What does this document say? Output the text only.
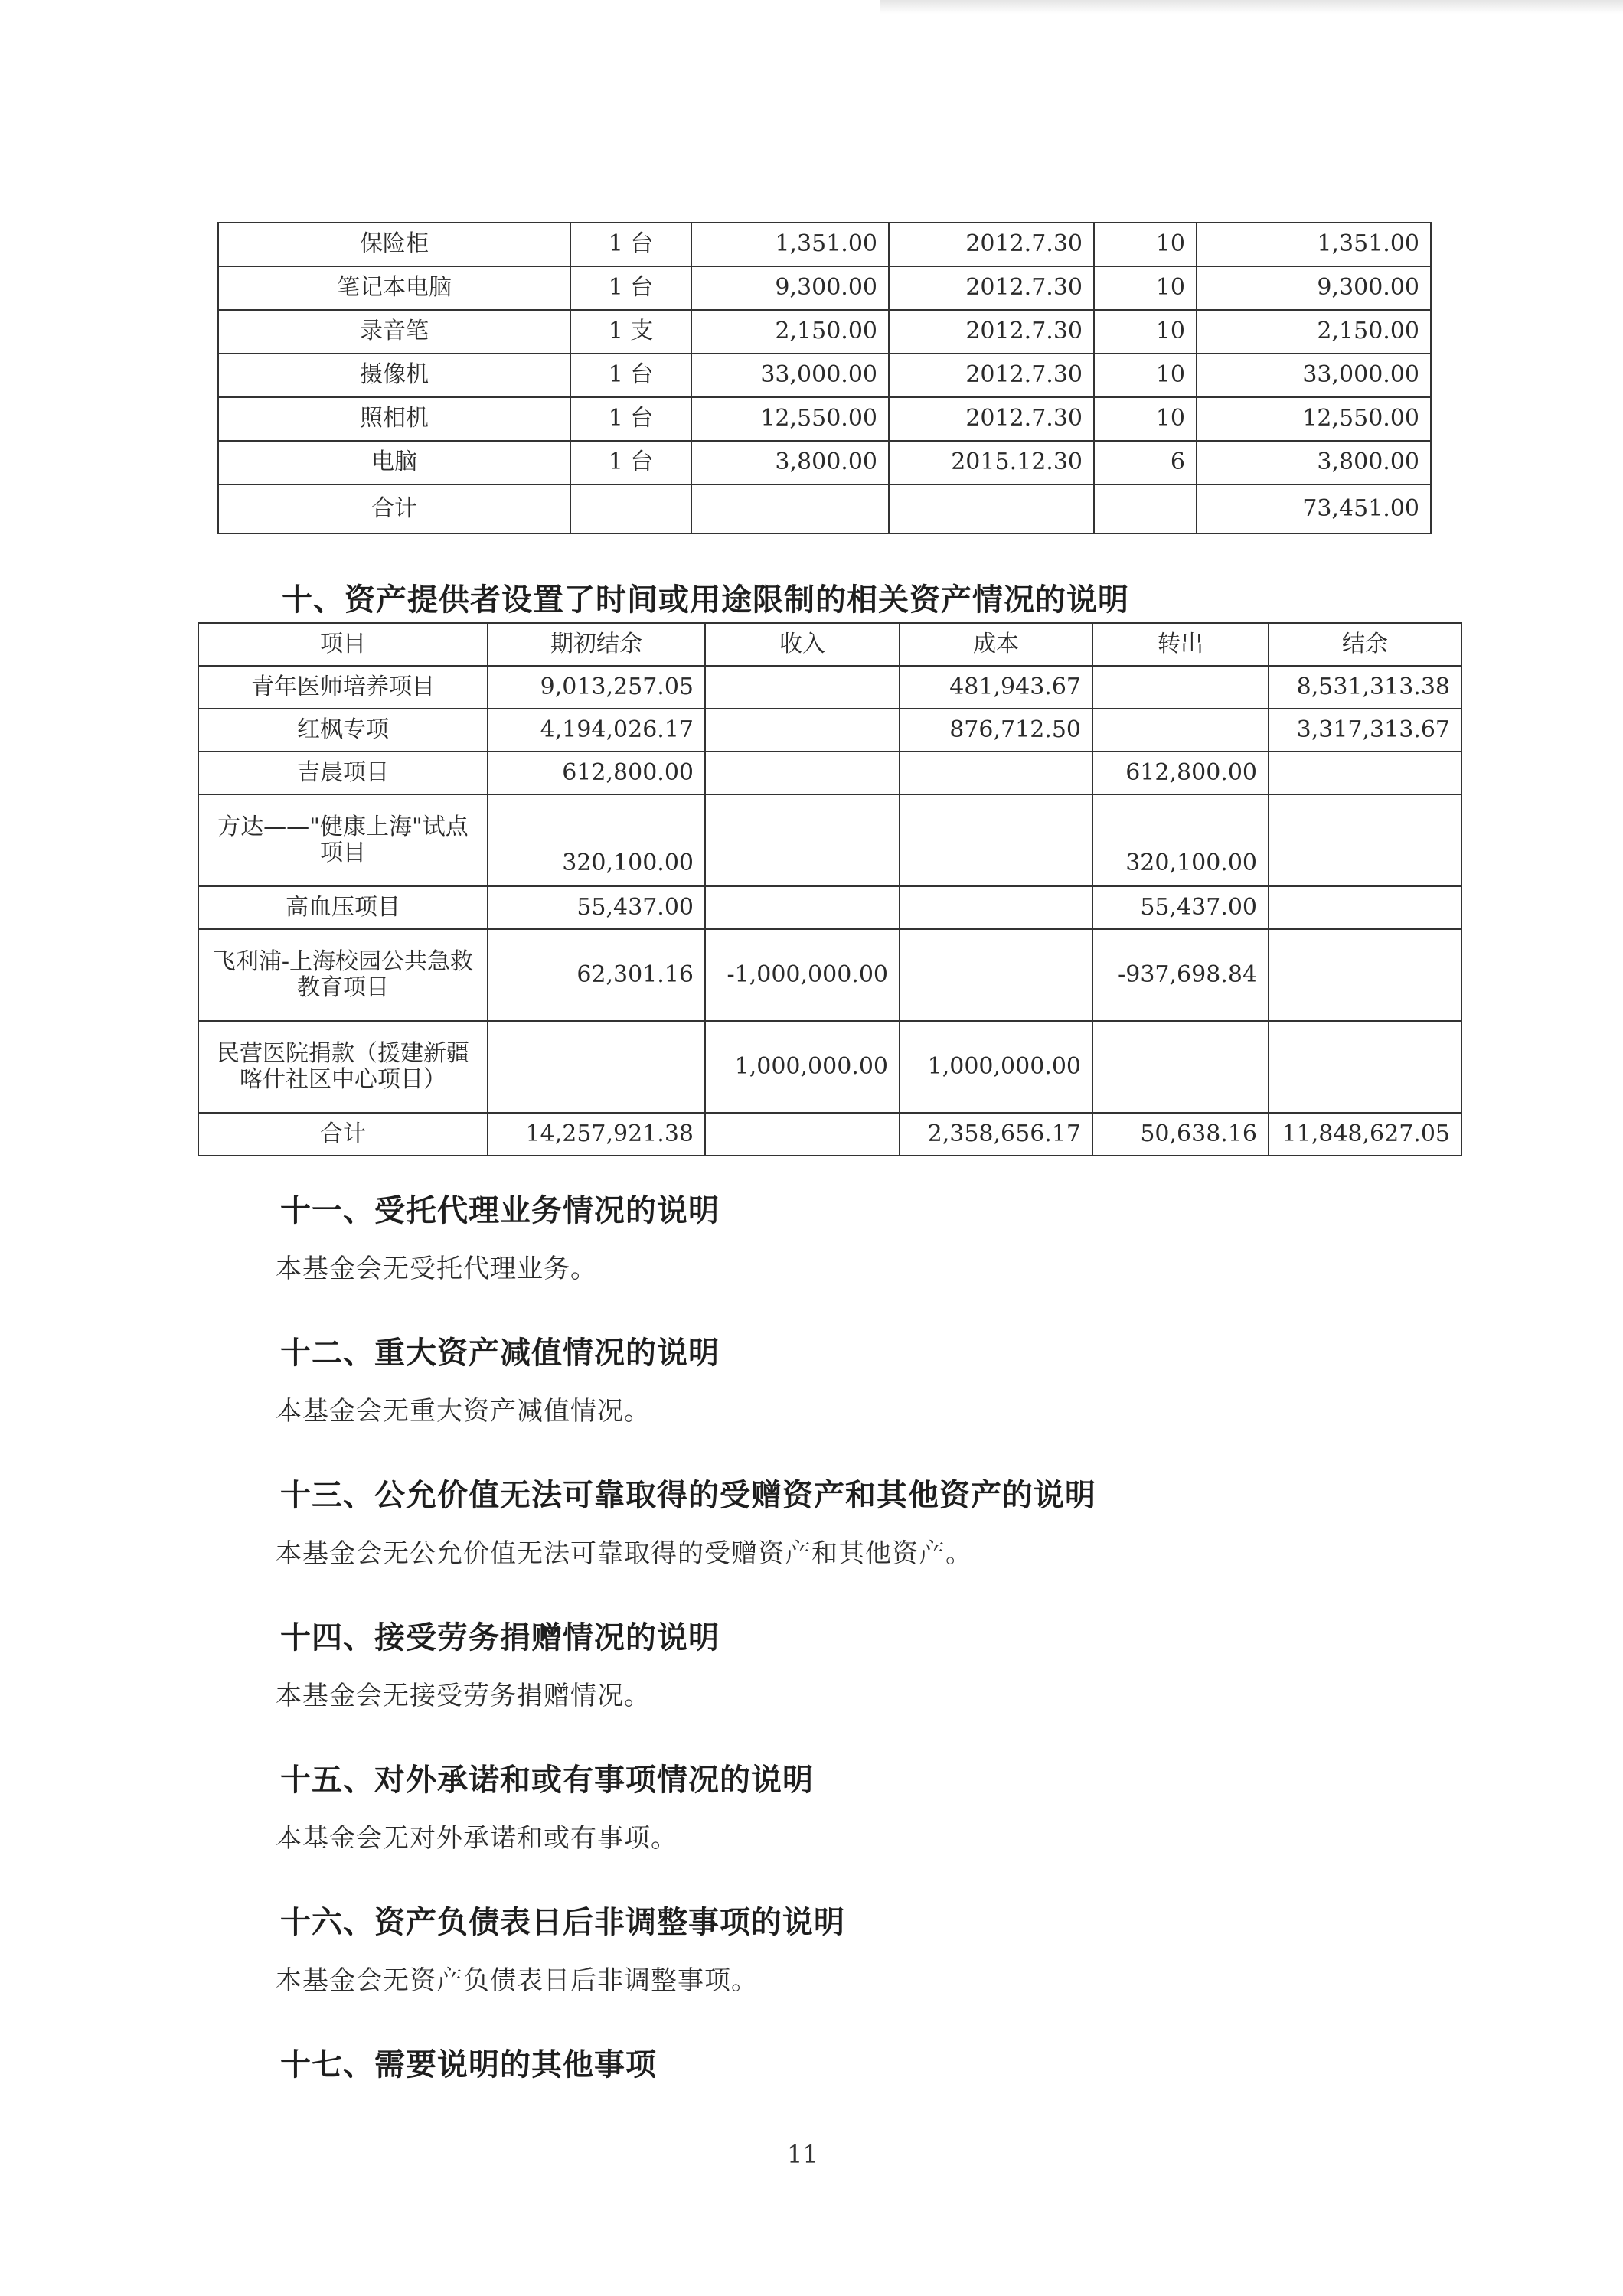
保险柜	1 台	1,351.00	2012.7.30	10	1,351.00
笔记本电脑	1 台	9,300.00	2012.7.30	10	9,300.00
录音笔	1 支	2,150.00	2012.7.30	10	2,150.00
摄像机	1 台	33,000.00	2012.7.30	10	33,000.00
照相机	1 台	12,550.00	2012.7.30	10	12,550.00
电脑	1 台	3,800.00	2015.12.30	6	3,800.00
合计					73,451.00
十、资产提供者设置了时间或用途限制的相关资产情况的说明
项目	期初结余	收入	成本	转出	结余
青年医师培养项目	9,013,257.05		481,943.67		8,531,313.38
红枫专项	4,194,026.17		876,712.50		3,317,313.67
吉晨项目	612,800.00			612,800.00	
方达——"健康上海"试点项目	320,100.00			320,100.00	
高血压项目	55,437.00			55,437.00	
飞利浦-上海校园公共急救教育项目	62,301.16	-1,000,000.00		-937,698.84	
民营医院捐款（援建新疆喀什社区中心项目）		1,000,000.00	1,000,000.00		
合计	14,257,921.38		2,358,656.17	50,638.16	11,848,627.05
十一、受托代理业务情况的说明
本基金会无受托代理业务。
十二、重大资产减值情况的说明
本基金会无重大资产减值情况。
十三、公允价值无法可靠取得的受赠资产和其他资产的说明
本基金会无公允价值无法可靠取得的受赠资产和其他资产。
十四、接受劳务捐赠情况的说明
本基金会无接受劳务捐赠情况。
十五、对外承诺和或有事项情况的说明
本基金会无对外承诺和或有事项。
十六、资产负债表日后非调整事项的说明
本基金会无资产负债表日后非调整事项。
十七、需要说明的其他事项
11
